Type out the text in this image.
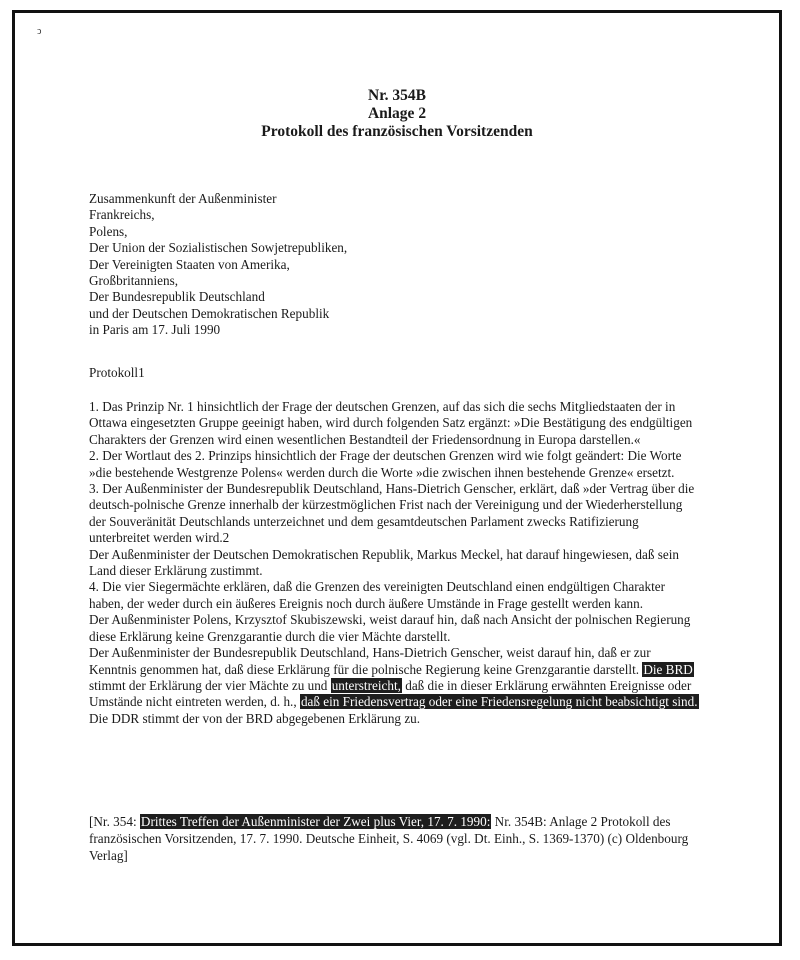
ↄ
Nr. 354B
Anlage 2
Protokoll des französischen Vorsitzenden
Zusammenkunft der Außenminister
Frankreichs,
Polens,
Der Union der Sozialistischen Sowjetrepubliken,
Der Vereinigten Staaten von Amerika,
Großbritanniens,
Der Bundesrepublik Deutschland
und der Deutschen Demokratischen Republik
in Paris am 17. Juli 1990
Protokoll1

1. Das Prinzip Nr. 1 hinsichtlich der Frage der deutschen Grenzen, auf das sich die sechs Mitgliedstaaten der in Ottawa eingesetzten Gruppe geeinigt haben, wird durch folgenden Satz ergänzt: »Die Bestätigung des endgültigen Charakters der Grenzen wird einen wesentlichen Bestandteil der Friedensordnung in Europa darstellen.«

2. Der Wortlaut des 2. Prinzips hinsichtlich der Frage der deutschen Grenzen wird wie folgt geändert: Die Worte »die bestehende Westgrenze Polens« werden durch die Worte »die zwischen ihnen bestehende Grenze« ersetzt.

3. Der Außenminister der Bundesrepublik Deutschland, Hans-Dietrich Genscher, erklärt, daß »der Vertrag über die deutsch-polnische Grenze innerhalb der kürzestmöglichen Frist nach der Vereinigung und der Wiederherstellung der Souveränität Deutschlands unterzeichnet und dem gesamtdeutschen Parlament zwecks Ratifizierung unterbreitet werden wird.2

Der Außenminister der Deutschen Demokratischen Republik, Markus Meckel, hat darauf hingewiesen, daß sein Land dieser Erklärung zustimmt.

4. Die vier Siegermächte erklären, daß die Grenzen des vereinigten Deutschland einen endgültigen Charakter haben, der weder durch ein äußeres Ereignis noch durch äußere Umstände in Frage gestellt werden kann.

Der Außenminister Polens, Krzysztof Skubiszewski, weist darauf hin, daß nach Ansicht der polnischen Regierung diese Erklärung keine Grenzgarantie durch die vier Mächte darstellt.

Der Außenminister der Bundesrepublik Deutschland, Hans-Dietrich Genscher, weist darauf hin, daß er zur Kenntnis genommen hat, daß diese Erklärung für die polnische Regierung keine Grenzgarantie darstellt. Die BRD stimmt der Erklärung der vier Mächte zu und unterstreicht, daß die in dieser Erklärung erwähnten Ereignisse oder Umstände nicht eintreten werden, d. h., daß ein Friedensvertrag oder eine Friedensregelung nicht beabsichtigt sind. Die DDR stimmt der von der BRD abgegebenen Erklärung zu.

[Nr. 354: Drittes Treffen der Außenminister der Zwei plus Vier, 17. 7. 1990: Nr. 354B: Anlage 2 Protokoll des französischen Vorsitzenden, 17. 7. 1990. Deutsche Einheit, S. 4069 (vgl. Dt. Einh., S. 1369-1370) (c) Oldenbourg Verlag]
